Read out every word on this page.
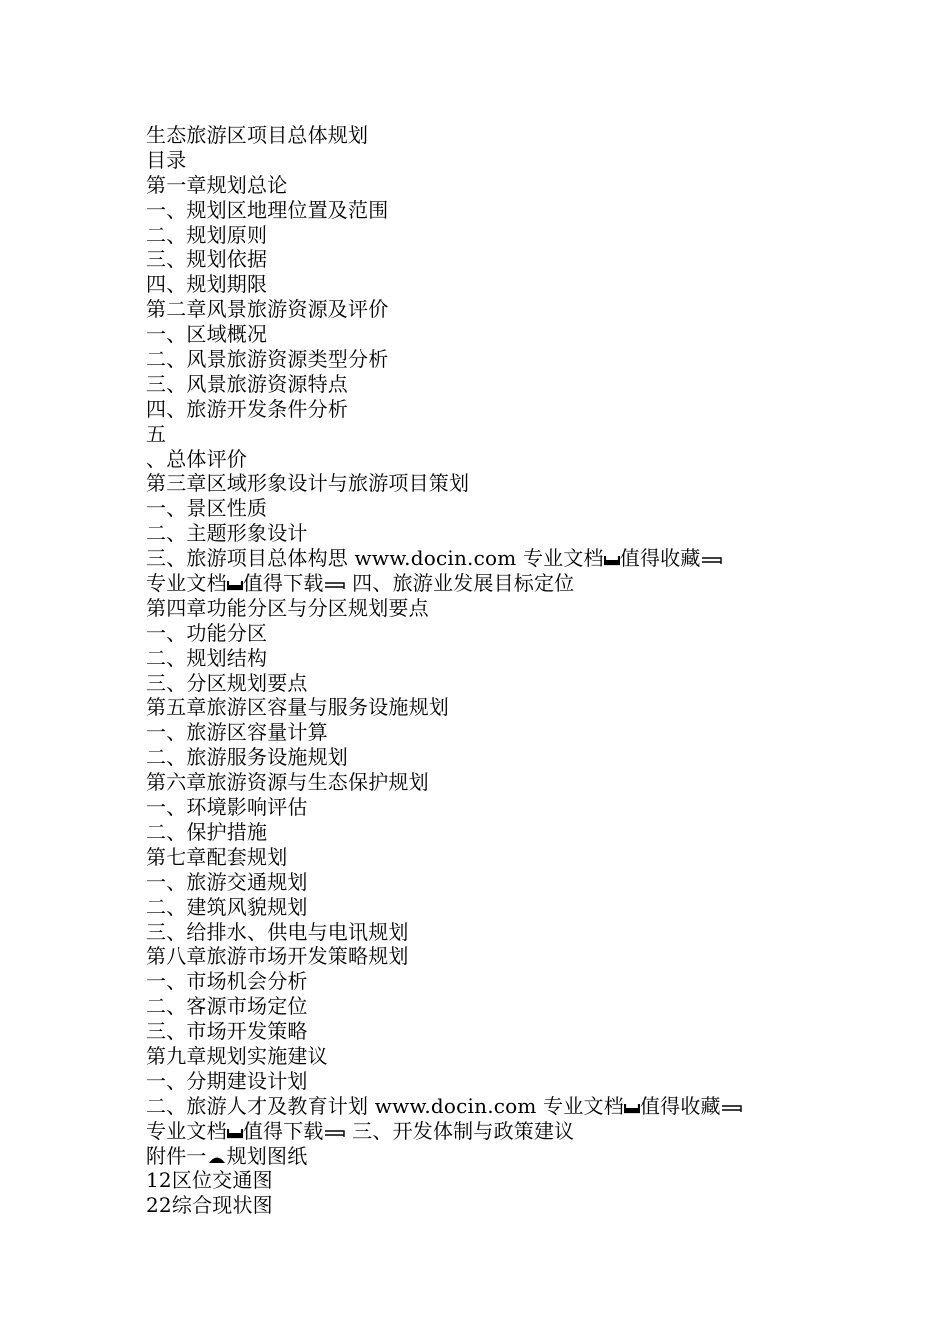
生态旅游区项目总体规划
目录
第一章规划总论
一、规划区地理位置及范围
二、规划原则
三、规划依据
四、规划期限
第二章风景旅游资源及评价
一、区域概况
二、风景旅游资源类型分析
三、风景旅游资源特点
四、旅游开发条件分析
五
、总体评价
第三章区域形象设计与旅游项目策划
一、景区性质
二、主题形象设计
三、旅游项目总体构思 www.docin.com 专业文档 值得收藏
专业文档 值得下载 四、旅游业发展目标定位
第四章功能分区与分区规划要点
一、功能分区
二、规划结构
三、分区规划要点
第五章旅游区容量与服务设施规划
一、旅游区容量计算
二、旅游服务设施规划
第六章旅游资源与生态保护规划
一、环境影响评估
二、保护措施
第七章配套规划
一、旅游交通规划
二、建筑风貌规划
三、给排水、供电与电讯规划
第八章旅游市场开发策略规划
一、市场机会分析
二、客源市场定位
三、市场开发策略
第九章规划实施建议
一、分期建设计划
二、旅游人才及教育计划 www.docin.com 专业文档 值得收藏
专业文档 值得下载 三、开发体制与政策建议
附件一 规划图纸
12区位交通图
22综合现状图
